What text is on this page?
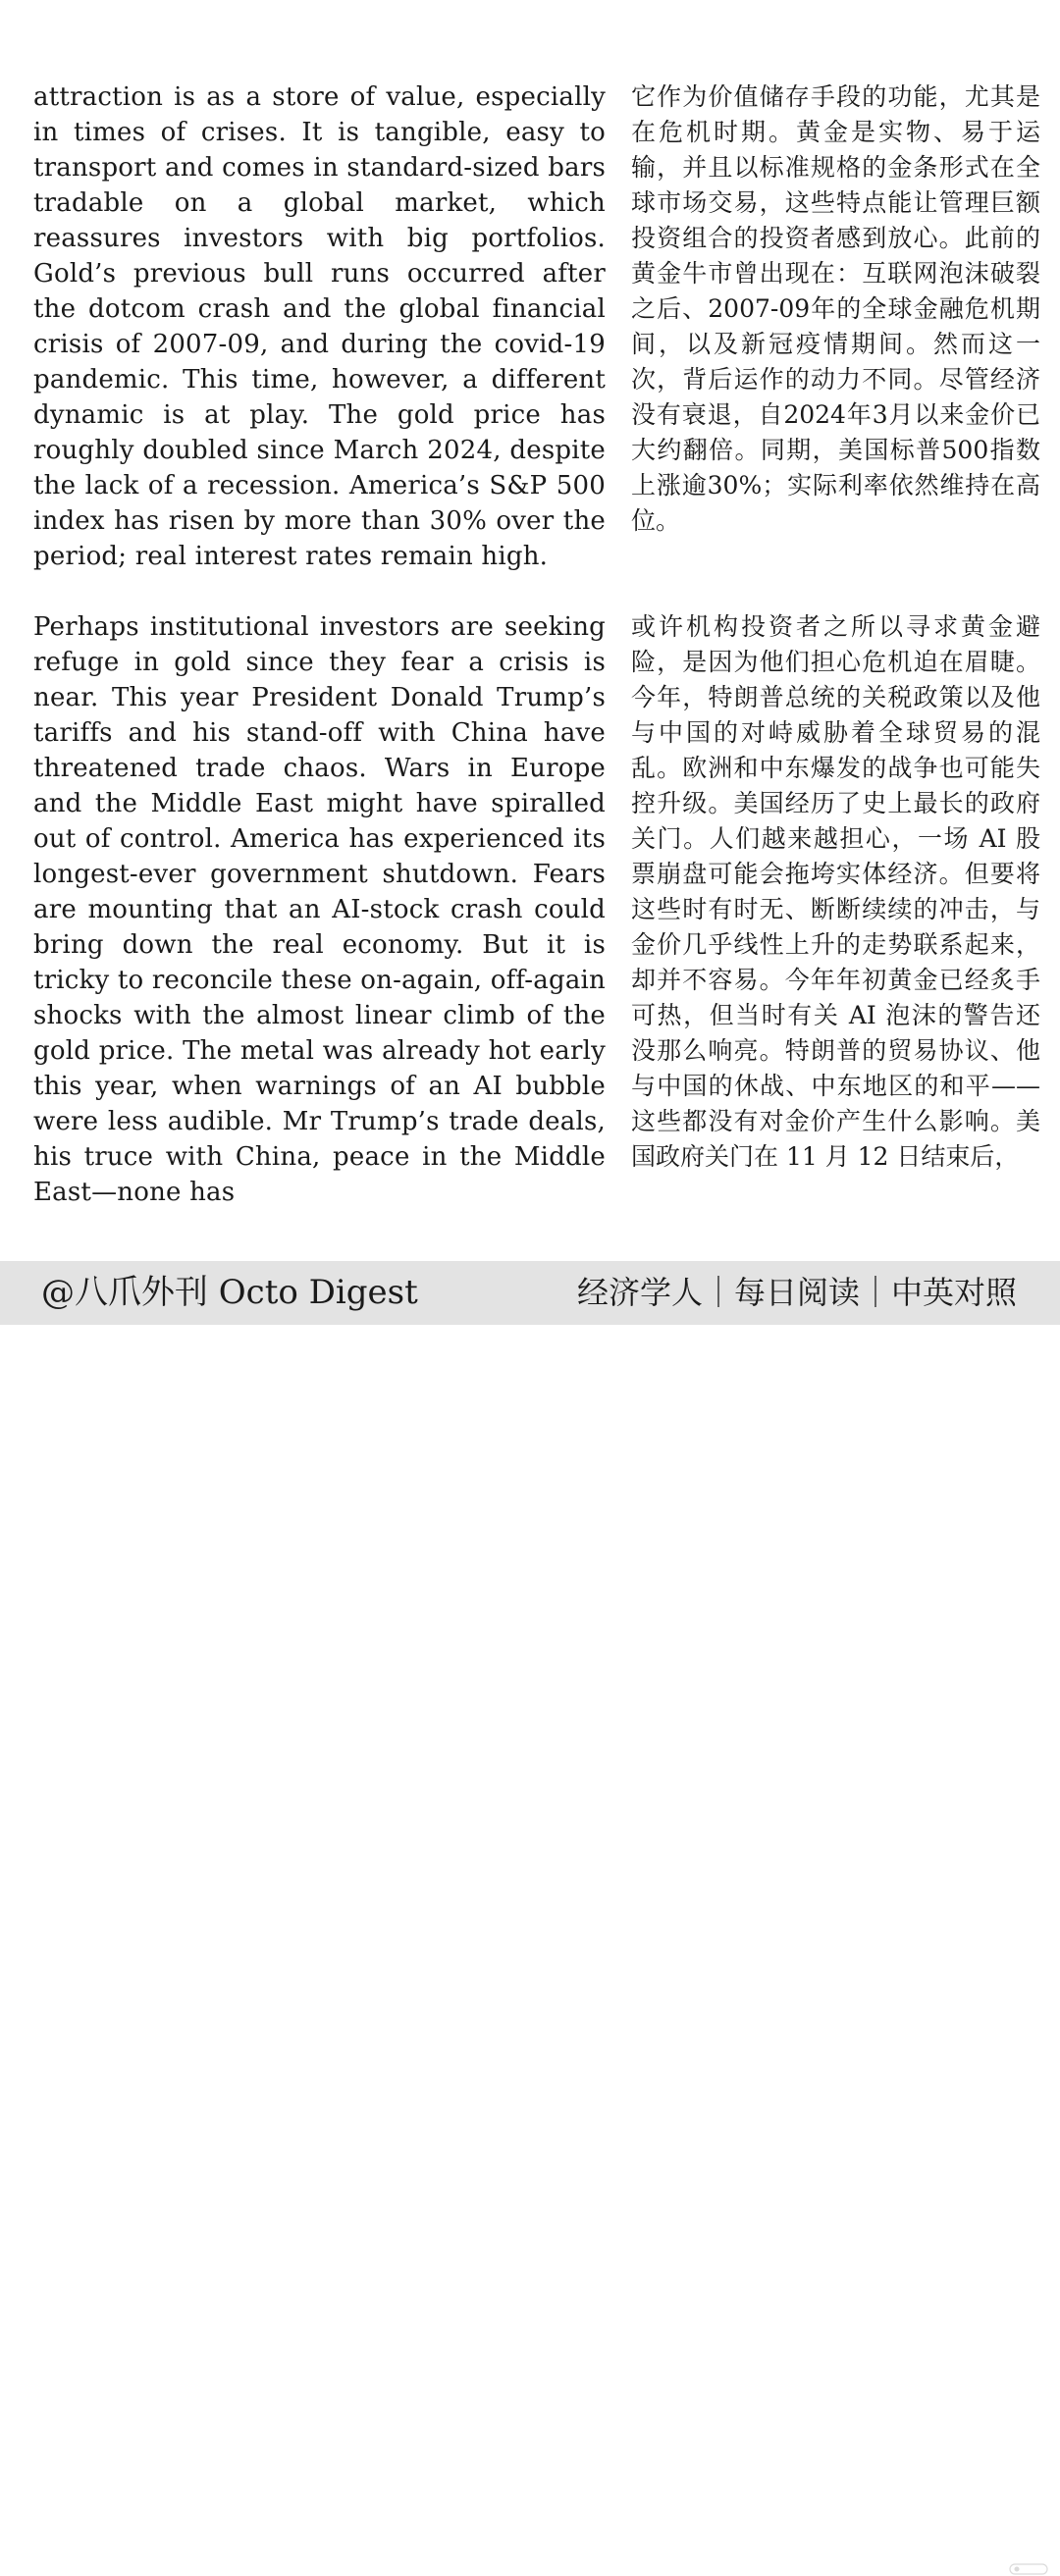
attraction is as a store of value, especially in times of crises. It is tangible, easy to transport and comes in standard-sized bars tradable on a global market, which reassures investors with big portfolios. Gold’s previous bull runs occurred after the dotcom crash and the global financial crisis of 2007-09, and during the covid-19 pandemic. This time, however, a different dynamic is at play. The gold price has roughly doubled since March 2024, despite the lack of a recession. America’s S&P 500 index has risen by more than 30% over the period; real interest rates remain high.

它作为价值储存手段的功能，尤其是在危机时期。黄金是实物、易于运输，并且以标准规格的金条形式在全球市场交易，这些特点能让管理巨额投资组合的投资者感到放心。此前的黄金牛市曾出现在：互联网泡沫破裂之后、2007-09年的全球金融危机期间，以及新冠疫情期间。然而这一次，背后运作的动力不同。尽管经济没有衰退，自2024年3月以来金价已大约翻倍。同期，美国标普500指数上涨逾30%；实际利率依然维持在高位。

Perhaps institutional investors are seeking refuge in gold since they fear a crisis is near. This year President Donald Trump’s tariffs and his stand-off with China have threatened trade chaos. Wars in Europe and the Middle East might have spiralled out of control. America has experienced its longest-ever government shutdown. Fears are mounting that an AI-stock crash could bring down the real economy. But it is tricky to reconcile these on-again, off-again shocks with the almost linear climb of the gold price. The metal was already hot early this year, when warnings of an AI bubble were less audible. Mr Trump’s trade deals, his truce with China, peace in the Middle East—none has

或许机构投资者之所以寻求黄金避险，是因为他们担心危机迫在眉睫。今年，特朗普总统的关税政策以及他与中国的对峙威胁着全球贸易的混乱。欧洲和中东爆发的战争也可能失控升级。美国经历了史上最长的政府关门。人们越来越担心，一场 AI 股票崩盘可能会拖垮实体经济。但要将这些时有时无、断断续续的冲击，与金价几乎线性上升的走势联系起来，却并不容易。今年年初黄金已经炙手可热，但当时有关 AI 泡沫的警告还没那么响亮。特朗普的贸易协议、他与中国的休战、中东地区的和平——这些都没有对金价产生什么影响。美国政府关门在 11 月 12 日结束后，

@八爪外刊 Octo Digest	经济学人｜每日阅读｜中英对照
